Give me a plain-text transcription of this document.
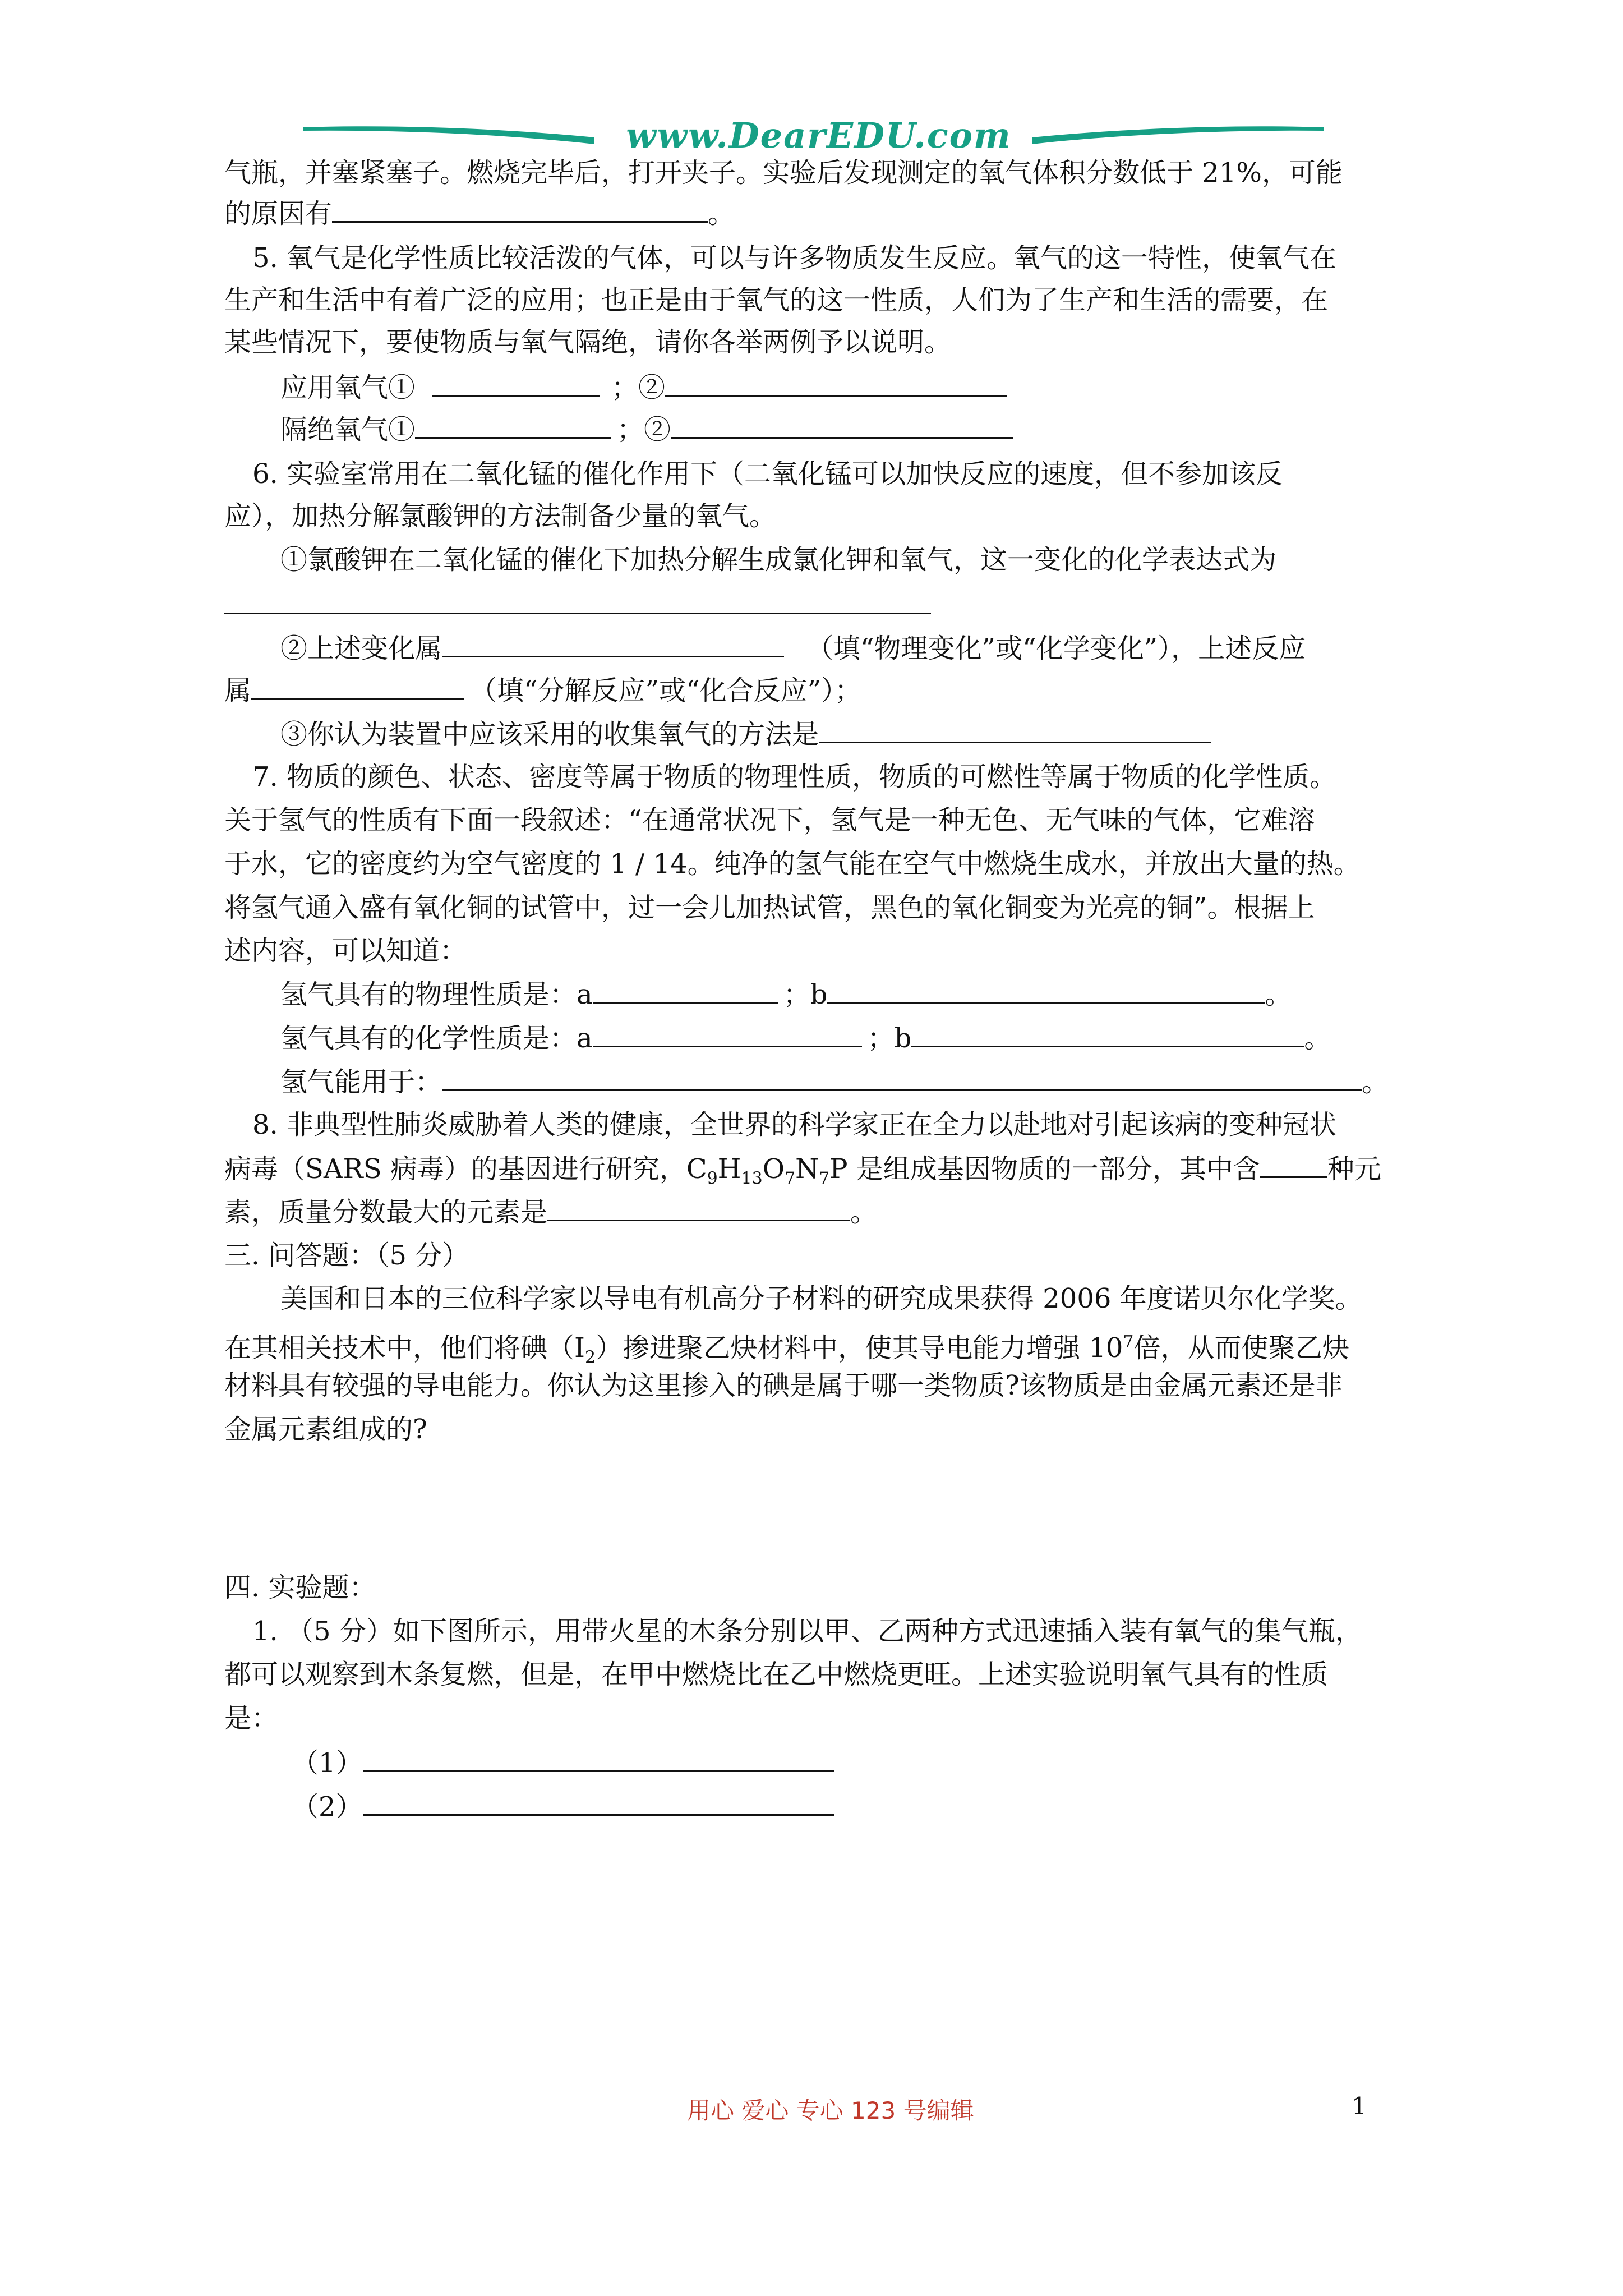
www.DearEDU.com
气瓶，并塞紧塞子。燃烧完毕后，打开夹子。实验后发现测定的氧气体积分数低于 21%，可能
的原因有	。
5. 氧气是化学性质比较活泼的气体，可以与许多物质发生反应。氧气的这一特性，使氧气在
生产和生活中有着广泛的应用；也正是由于氧气的这一性质，人们为了生产和生活的需要，在
某些情况下，要使物质与氧气隔绝，请你各举两例予以说明。
应用氧气①	；②
隔绝氧气①	；②
6. 实验室常用在二氧化锰的催化作用下（二氧化锰可以加快反应的速度，但不参加该反
应），加热分解氯酸钾的方法制备少量的氧气。
①氯酸钾在二氧化锰的催化下加热分解生成氯化钾和氧气，这一变化的化学表达式为
②上述变化属	（填“物理变化”或“化学变化”），上述反应
属	（填“分解反应”或“化合反应”）；
③你认为装置中应该采用的收集氧气的方法是
7. 物质的颜色、状态、密度等属于物质的物理性质，物质的可燃性等属于物质的化学性质。
关于氢气的性质有下面一段叙述：“在通常状况下，氢气是一种无色、无气味的气体，它难溶
于水，它的密度约为空气密度的 1 / 14。纯净的氢气能在空气中燃烧生成水，并放出大量的热。
将氢气通入盛有氧化铜的试管中，过一会儿加热试管，黑色的氧化铜变为光亮的铜”。根据上
述内容，可以知道：
氢气具有的物理性质是：a	；b	。
氢气具有的化学性质是：a	；b	。
氢气能用于：	。
8. 非典型性肺炎威胁着人类的健康，全世界的科学家正在全力以赴地对引起该病的变种冠状
病毒（SARS 病毒）的基因进行研究，$C_9H_{13}O_7N_7P$ 是组成基因物质的一部分，其中含	种元
素，质量分数最大的元素是	。
三. 问答题：（5 分）
美国和日本的三位科学家以导电有机高分子材料的研究成果获得 2006 年度诺贝尔化学奖。
在其相关技术中，他们将碘$(I_2)$掺进聚乙炔材料中，使其导电能力增强 $10^7$倍，从而使聚乙炔
材料具有较强的导电能力。你认为这里掺入的碘是属于哪一类物质?该物质是由金属元素还是非
金属元素组成的?
四. 实验题：
1. （5 分）如下图所示，用带火星的木条分别以甲、乙两种方式迅速插入装有氧气的集气瓶，
都可以观察到木条复燃，但是，在甲中燃烧比在乙中燃烧更旺。上述实验说明氧气具有的性质
是：
（1）
（2）
用心 爱心 专心 123 号编辑	1
